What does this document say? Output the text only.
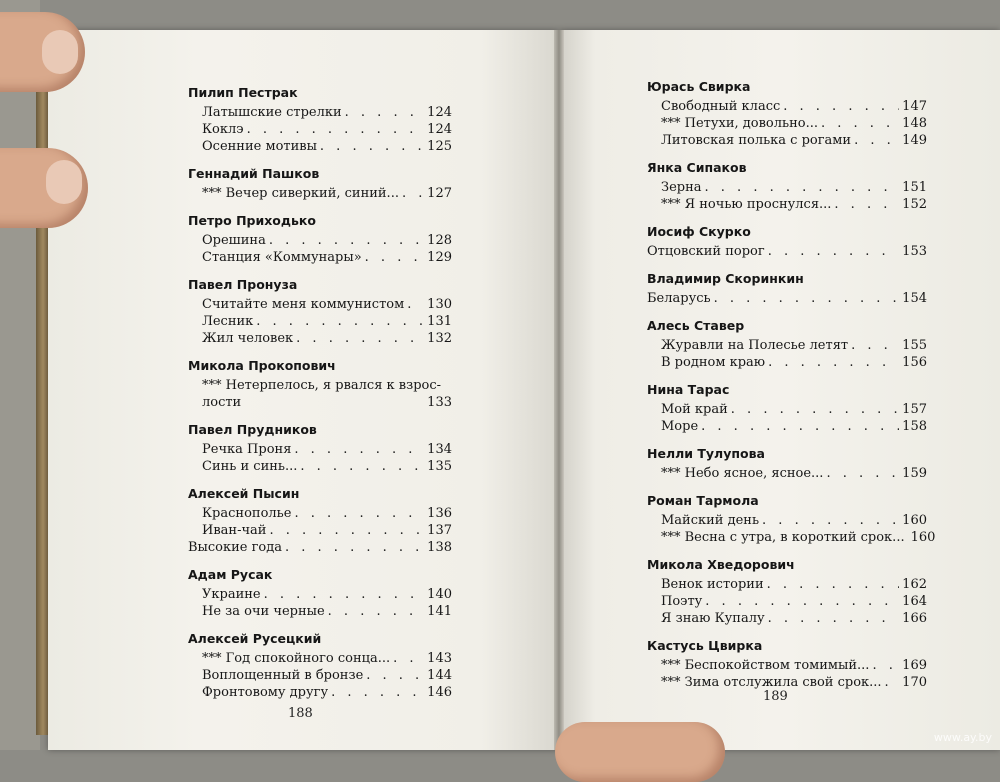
Пилип Пестрак
Латышские стрелки . . .	124
Коклэ . . .	124
Осенние мотивы . . .	125
Геннадий Пашков
*** Вечер сиверкий, синий... . . . 127
Петро Приходько
Орешина . . .	128
Станция «Коммунары» . . .	129
Павел Пронуза
Считайте меня коммунистом . . . 130
Лесник . . .	131
Жил человек . . .	132
Микола Прокопович
*** Нетерпелось, я рвался к взрос-
лости	133
Павел Прудников
Речка Проня . . .	134
Синь и синь... . . .	135
Алексей Пысин
Краснополье . . .	136
Иван-чай . . .	137
Высокие года . . .	138
Адам Русак
Украине . . .	140
Не за очи черные . . .	141
Алексей Русецкий
*** Год спокойного сонца... . . .	143
Воплощенный в бронзе . . .	144
Фронтовому другу . . .	146
Юрась Свирка
Свободный класс . . .	147
*** Петухи, довольно... . . .	148
Литовская полька с рогами . . .	149
Янка Сипаков
Зерна . . .	151
*** Я ночью проснулся... . . .	152
Иосиф Скурко
Отцовский порог . . .	153
Владимир Скоринкин
Беларусь . . .	154
Алесь Ставер
Журавли на Полесье летят . . .	155
В родном краю . . .	156
Нина Тарас
Мой край . . .	157
Море . . .	158
Нелли Тулупова
*** Небо ясное, ясное... . . .	159
Роман Тармола
Майский день . . .	160
*** Весна с утра, в короткий срок... 160
Микола Хведорович
Венок истории . . .	162
Поэту . . .	164
Я знаю Купалу . . .	166
Кастусь Цвирка
*** Беспокойством томимый... . . .	169
*** Зима отслужила свой срок... . . . 170
188
189
www.ay.by
